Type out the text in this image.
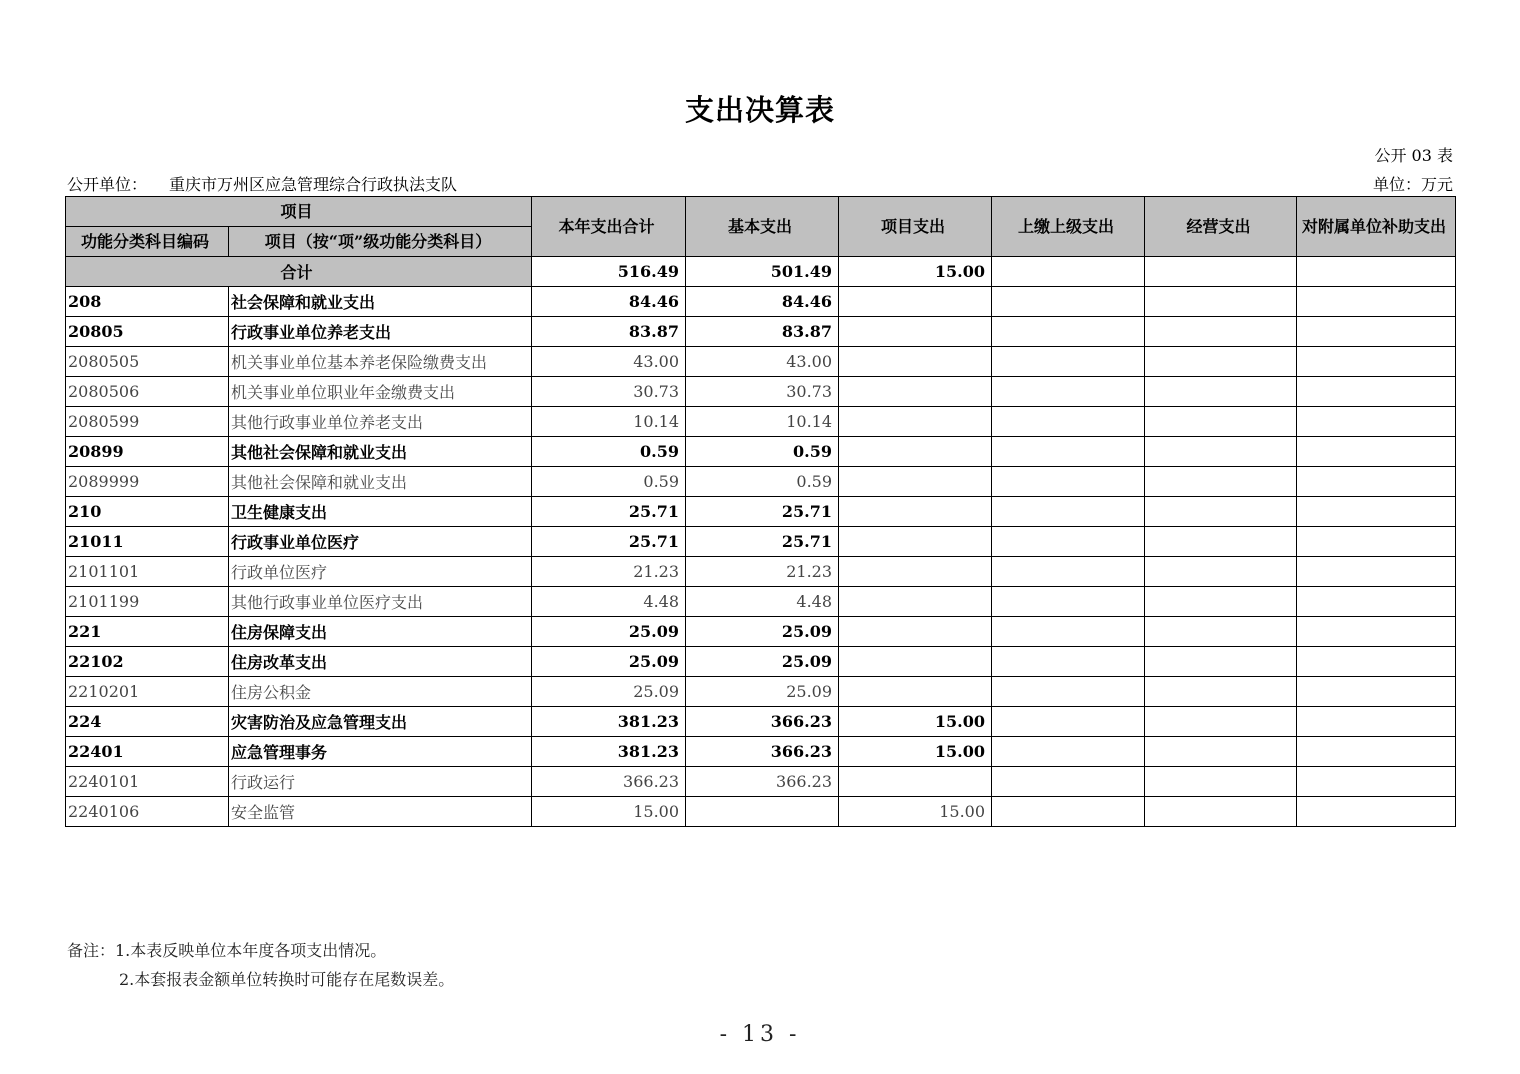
支出决算表
公开 03 表
公开单位： 重庆市万州区应急管理综合行政执法支队	单位：万元
项目		本年支出合计	基本支出	项目支出	上缴上级支出	经营支出	对附属单位补助支出
功能分类科目编码	项目（按“项”级功能分类科目）						
合计		516.49	501.49	15.00			
208	社会保障和就业支出	84.46	84.46				
20805	行政事业单位养老支出	83.87	83.87				
2080505	机关事业单位基本养老保险缴费支出	43.00	43.00				
2080506	机关事业单位职业年金缴费支出	30.73	30.73				
2080599	其他行政事业单位养老支出	10.14	10.14				
20899	其他社会保障和就业支出	0.59	0.59				
2089999	其他社会保障和就业支出	0.59	0.59				
210	卫生健康支出	25.71	25.71				
21011	行政事业单位医疗	25.71	25.71				
2101101	行政单位医疗	21.23	21.23				
2101199	其他行政事业单位医疗支出	4.48	4.48				
221	住房保障支出	25.09	25.09				
22102	住房改革支出	25.09	25.09				
2210201	住房公积金	25.09	25.09				
224	灾害防治及应急管理支出	381.23	366.23	15.00			
22401	应急管理事务	381.23	366.23	15.00			
2240101	行政运行	366.23	366.23				
2240106	安全监管	15.00		15.00			
备注：1.本表反映单位本年度各项支出情况。
2.本套报表金额单位转换时可能存在尾数误差。
- 13 -
